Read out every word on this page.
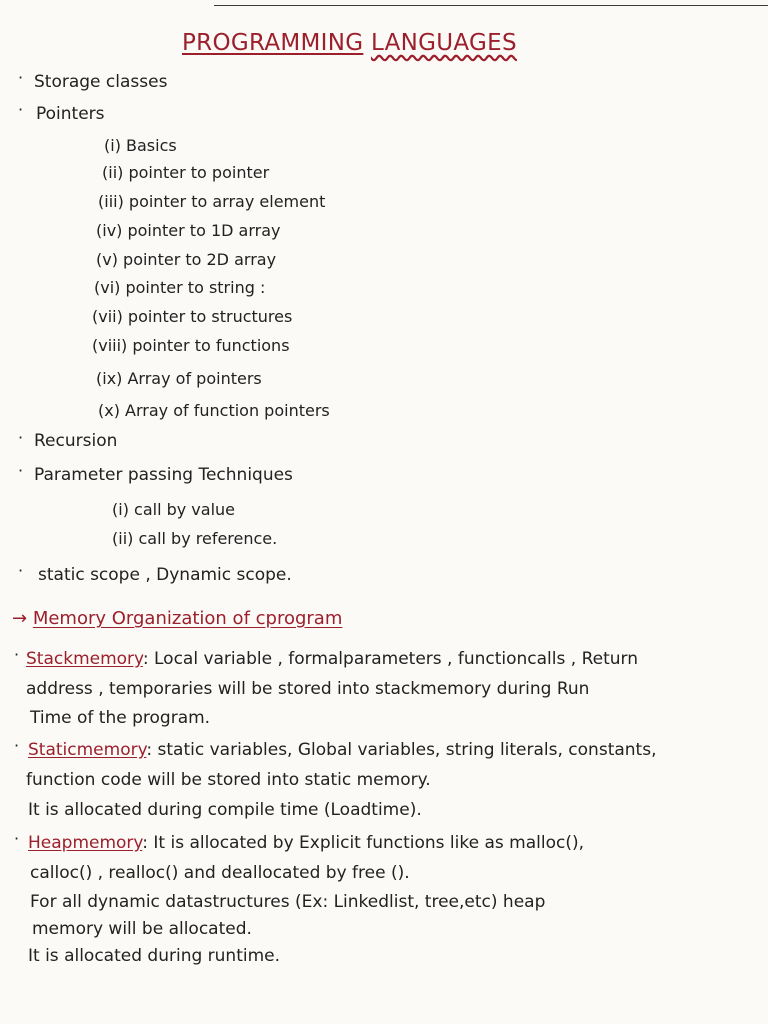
PROGRAMMING LANGUAGES
· Storage classes
· Pointers
(i) Basics
(ii) pointer to pointer
(iii) pointer to array element
(iv) pointer to 1D array
(v) pointer to 2D array
(vi) pointer to string :
(vii) pointer to structures
(viii) pointer to functions
(ix) Array of pointers
(x) Array of function pointers
· Recursion
· Parameter passing Techniques
(i) call by value
(ii) call by reference.
· static scope , Dynamic scope.
→ Memory Organization of cprogram
· Stackmemory: Local variable , formalparameters , functioncalls , Return
address , temporaries will be stored into stackmemory during Run
Time of the program.
· Staticmemory: static variables, Global variables, string literals, constants,
function code will be stored into static memory.
It is allocated during compile time (Loadtime).
· Heapmemory: It is allocated by Explicit functions like as malloc(),
calloc() , realloc() and deallocated by free ().
For all dynamic datastructures (Ex: Linkedlist, tree,etc) heap
memory will be allocated.
It is allocated during runtime.
